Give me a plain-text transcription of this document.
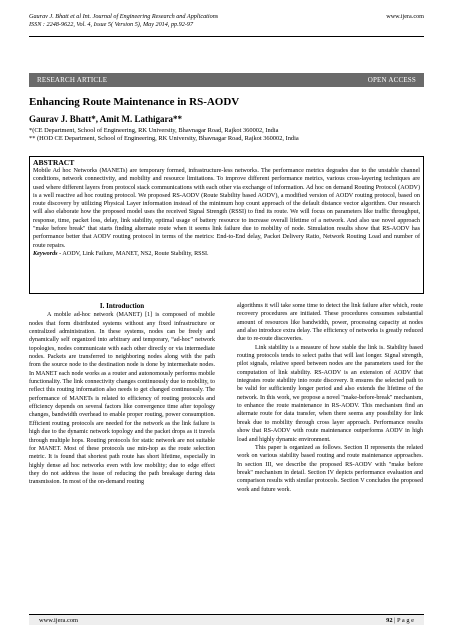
Gaurav J. Bhatt et al Int. Journal of Engineering Research and Applications
ISSN : 2248-9622, Vol. 4, Issue 5( Version 5), May 2014, pp.92-97
www.ijera.com
RESEARCH ARTICLE	OPEN ACCESS
Enhancing Route Maintenance in RS-AODV
Gaurav J. Bhatt*, Amit M. Lathigara**
*(CE Department, School of Engineering, RK University, Bhavnagar Road, Rajkot 360002, India
** (HOD CE Department, School of Engineering, RK University, Bhavnagar Road, Rajkot 360002, India
ABSTRACT
Mobile Ad hoc Networks (MANETs) are temporary formed, infrastructure-less networks. The performance metrics degrades due to the unstable channel conditions, network connectivity, and mobility and resource limitations. To improve different performance metrics, various cross-layering techniques are used where different layers from protocol stack communications with each other via exchange of information. Ad hoc on demand Routing Protocol (AODV) is a well reactive ad hoc routing protocol. We proposed RS-AODV (Route Stability based AODV), a modified version of AODV routing protocol, based on route discovery by utilizing Physical Layer information instead of the minimum hop count approach of the default distance vector algorithm. Our research will also elaborate how the proposed model uses the received Signal Strength (RSSI) to find its route. We will focus on parameters like traffic throughput, response, time, packet loss, delay, link stability, optimal usage of battery resource to increase overall lifetime of a network. And also use novel approach "make before break" that starts finding alternate route when it seems link failure due to mobility of node. Simulation results show that RS-AODV has performance better that AODV routing protocol in terms of the metrics: End-to-End delay, Packet Delivery Ratio, Network Routing Load and number of route repairs.
Keywords - AODV, Link Failure, MANET, NS2, Route Stability, RSSI.
I. Introduction

A mobile ad-hoc network (MANET) [1] is composed of mobile nodes that form distributed systems without any fixed infrastructure or centralized administration. In these systems, nodes can be freely and dynamically self organized into arbitrary and temporary, “ad-hoc” network topologies, nodes communicate with each other directly or via intermediate nodes. Packets are transferred to neighboring nodes along with the path from the source node to the destination node is done by intermediate nodes. In MANET each node works as a router and autonomously performs mobile functionality. The link connectivity changes continuously due to mobility, to reflect this routing information also needs to get changed continuously. The performance of MANETs is related to efficiency of routing protocols and efficiency depends on several factors like convergence time after topology changes, bandwidth overhead to enable proper routing, power consumption. Efficient routing protocols are needed for the network as the link failure is high due to the dynamic network topology and the packet drops as it travels through multiple hops. Routing protocols for static network are not suitable for MANET. Most of these protocols use min-hop as the route selection metric. It is found that shortest path route has short lifetime, especially in highly dense ad hoc networks even with low mobility; due to edge effect they do not address the issue of reducing the path breakage during data transmission. In most of the on-demand routing

algorithms it will take some time to detect the link failure after which, route recovery procedures are initiated. These procedures consumes substantial amount of resources like bandwidth, power, processing capacity at nodes and also introduce extra delay. The efficiency of networks is greatly reduced due to re-route discoveries.

Link stability is a measure of how stable the link is. Stability based routing protocols tends to select paths that will last longer. Signal strength, pilot signals, relative speed between nodes are the parameters used for the computation of link stability. RS-AODV is an extension of AODV that integrates route stability into route discovery. It ensures the selected path to be valid for sufficiently longer period and also extends the lifetime of the network. In this work, we propose a novel "make-before-break" mechanism, to enhance the route maintenance in RS-AODV. This mechanism find an alternate route for data transfer, when there seems any possibility for link break due to mobility through cross layer approach. Performance results show that RS-AODV with route maintenance outperforms AODV in high load and highly dynamic environment.

This paper is organized as follows. Section II represents the related work on various stability based routing and route maintenance approaches. In section III, we describe the proposed RS-AODV with "make before break" mechanism in detail. Section IV depicts performance evaluation and comparison results with similar protocols. Section V concludes the proposed work and future work.

www.ijera.com	92 | P a g e
